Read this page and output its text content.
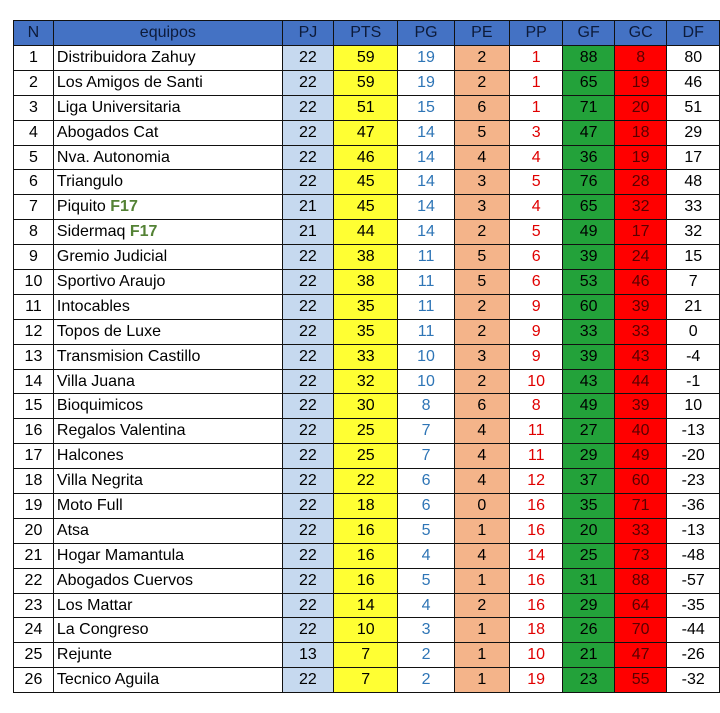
N	equipos	PJ	PTS	PG	PE	PP	GF	GC	DF
1	Distribuidora Zahuy	22	59	19	2	1	88	8	80
2	Los Amigos de Santi	22	59	19	2	1	65	19	46
3	Liga Universitaria	22	51	15	6	1	71	20	51
4	Abogados Cat	22	47	14	5	3	47	18	29
5	Nva. Autonomia	22	46	14	4	4	36	19	17
6	Triangulo	22	45	14	3	5	76	28	48
7	Piquito F17	21	45	14	3	4	65	32	33
8	Sidermaq F17	21	44	14	2	5	49	17	32
9	Gremio Judicial	22	38	11	5	6	39	24	15
10	Sportivo Araujo	22	38	11	5	6	53	46	7
11	Intocables	22	35	11	2	9	60	39	21
12	Topos de Luxe	22	35	11	2	9	33	33	0
13	Transmision Castillo	22	33	10	3	9	39	43	-4
14	Villa Juana	22	32	10	2	10	43	44	-1
15	Bioquimicos	22	30	8	6	8	49	39	10
16	Regalos Valentina	22	25	7	4	11	27	40	-13
17	Halcones	22	25	7	4	11	29	49	-20
18	Villa Negrita	22	22	6	4	12	37	60	-23
19	Moto Full	22	18	6	0	16	35	71	-36
20	Atsa	22	16	5	1	16	20	33	-13
21	Hogar Mamantula	22	16	4	4	14	25	73	-48
22	Abogados Cuervos	22	16	5	1	16	31	88	-57
23	Los Mattar	22	14	4	2	16	29	64	-35
24	La Congreso	22	10	3	1	18	26	70	-44
25	Rejunte	13	7	2	1	10	21	47	-26
26	Tecnico Aguila	22	7	2	1	19	23	55	-32
